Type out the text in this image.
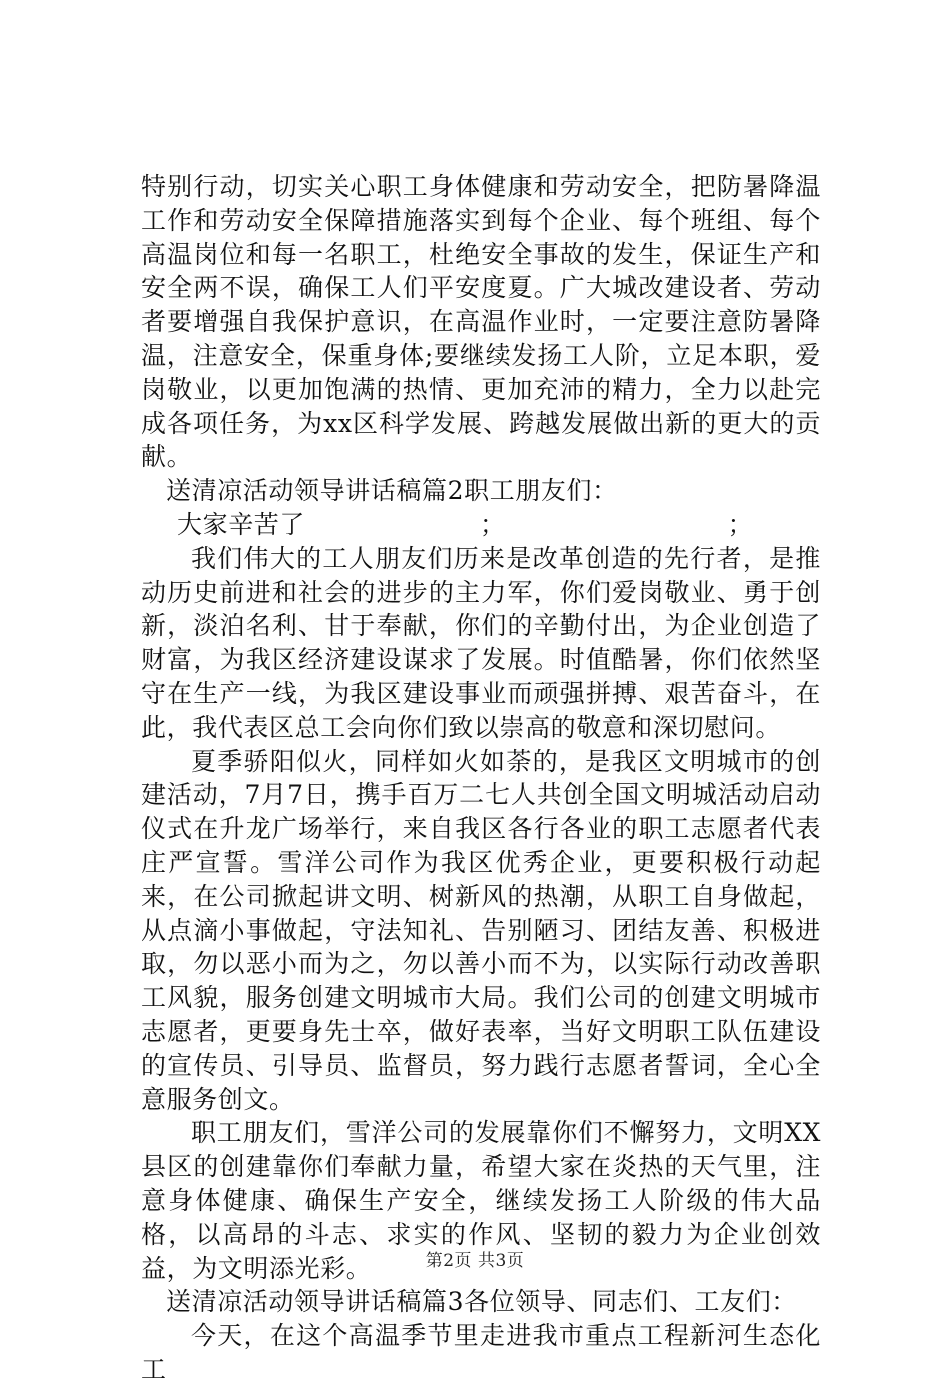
特别行动，切实关心职工身体健康和劳动安全，把防暑降温工作和劳动安全保障措施落实到每个企业、每个班组、每个高温岗位和每一名职工，杜绝安全事故的发生，保证生产和安全两不误，确保工人们平安度夏。广大城改建设者、劳动者要增强自我保护意识，在高温作业时，一定要注意防暑降温，注意安全，保重身体;要继续发扬工人阶，立足本职，爱岗敬业，以更加饱满的热情、更加充沛的精力，全力以赴完成各项任务，为xx区科学发展、跨越发展做出新的更大的贡献。

送清凉活动领导讲话稿篇2职工朋友们：

大家辛苦了	；	；

我们伟大的工人朋友们历来是改革创造的先行者，是推动历史前进和社会的进步的主力军，你们爱岗敬业、勇于创新，淡泊名利、甘于奉献，你们的辛勤付出，为企业创造了财富，为我区经济建设谋求了发展。时值酷暑，你们依然坚守在生产一线，为我区建设事业而顽强拼搏、艰苦奋斗，在此，我代表区总工会向你们致以崇高的敬意和深切慰问。

夏季骄阳似火，同样如火如荼的，是我区文明城市的创建活动，7月7日，携手百万二七人共创全国文明城活动启动仪式在升龙广场举行，来自我区各行各业的职工志愿者代表庄严宣誓。雪洋公司作为我区优秀企业，更要积极行动起来，在公司掀起讲文明、树新风的热潮，从职工自身做起，从点滴小事做起，守法知礼、告别陋习、团结友善、积极进取，勿以恶小而为之，勿以善小而不为，以实际行动改善职工风貌，服务创建文明城市大局。我们公司的创建文明城市志愿者，更要身先士卒，做好表率，当好文明职工队伍建设的宣传员、引导员、监督员，努力践行志愿者誓词，全心全意服务创文。

职工朋友们，雪洋公司的发展靠你们不懈努力，文明XX县区的创建靠你们奉献力量，希望大家在炎热的天气里，注意身体健康、确保生产安全，继续发扬工人阶级的伟大品格，以高昂的斗志、求实的作风、坚韧的毅力为企业创效益，为文明添光彩。

送清凉活动领导讲话稿篇3各位领导、同志们、工友们：

今天，在这个高温季节里走进我市重点工程新河生态化工

第2页 共3页
